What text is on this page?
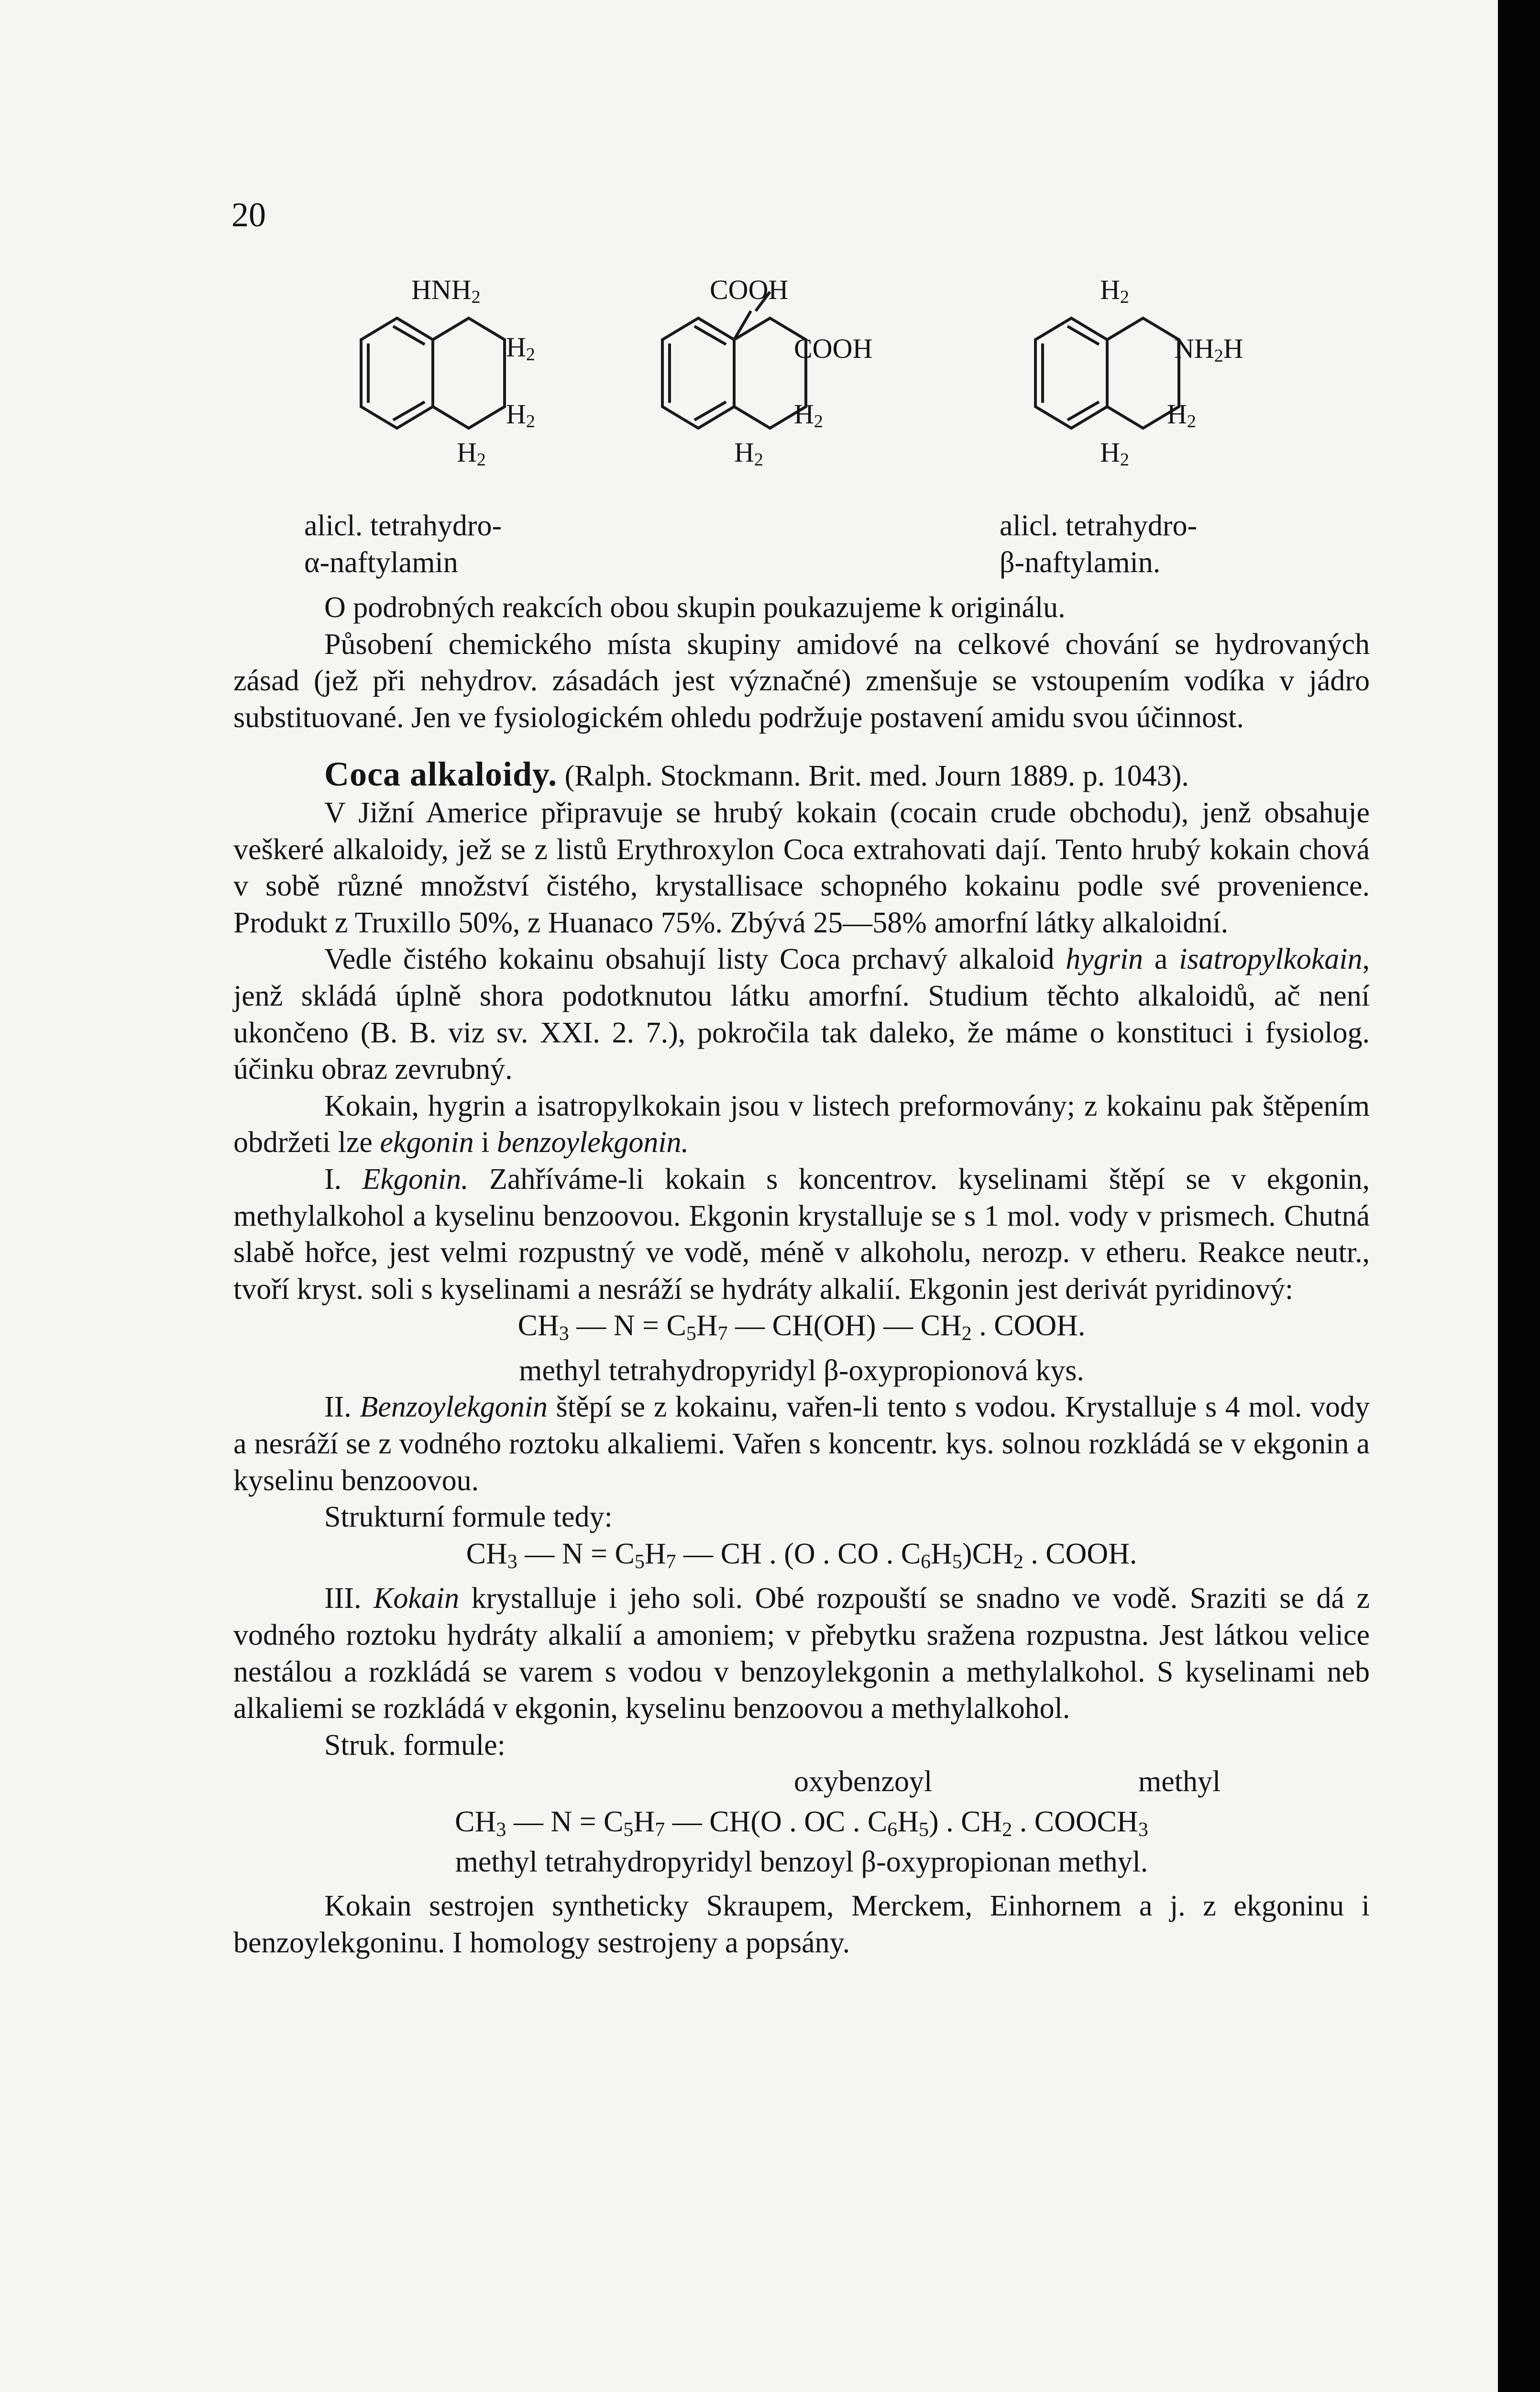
20
$HNH_2$
$H_2$
$H_2$
$H_2$
COOH
COOH
$H_2$
$H_2$
$H_2$
$NH_2H$
$H_2$
$H_2$
alicl. tetrahydro-
α-naftylamin
alicl. tetrahydro-
β-naftylamin.

O podrobných reakcích obou skupin poukazujeme k originálu.

Působení chemického místa skupiny amidové na celkové chování se hydrovaných zásad (jež při nehydrov. zásadách jest význačné) zmenšuje se vstoupením vodíka v jádro substituované. Jen ve fysiologickém ohledu podržuje postavení amidu svou účinnost.

Coca alkaloidy. (Ralph. Stockmann. Brit. med. Journ 1889. p. 1043).

V Jižní Americe připravuje se hrubý kokain (cocain crude obchodu), jenž obsahuje veškeré alkaloidy, jež se z listů Erythroxylon Coca extrahovati dají. Tento hrubý kokain chová v sobě různé množství čistého, krystallisace schopného kokainu podle své provenience. Produkt z Truxillo 50%, z Huanaco 75%. Zbývá 25—58% amorfní látky alkaloidní.

Vedle čistého kokainu obsahují listy Coca prchavý alkaloid hygrin a isatropylkokain, jenž skládá úplně shora podotknutou látku amorfní. Studium těchto alkaloidů, ač není ukončeno (B. B. viz sv. XXI. 2. 7.), pokročila tak daleko, že máme o konstituci i fysiolog. účinku obraz zevrubný.

Kokain, hygrin a isatropylkokain jsou v listech preformovány; z kokainu pak štěpením obdržeti lze ekgonin i benzoylekgonin.

I. Ekgonin. Zahříváme-li kokain s koncentrov. kyselinami štěpí se v ekgonin, methylalkohol a kyselinu benzoovou. Ekgonin krystalluje se s 1 mol. vody v prismech. Chutná slabě hořce, jest velmi rozpustný ve vodě, méně v alkoholu, nerozp. v etheru. Reakce neutr., tvoří kryst. soli s kyselinami a nesráží se hydráty alkalií. Ekgonin jest derivát pyridinový:

$CH_3$ — $N = C_5H_7$ — CH(OH) — $CH_2$ . COOH.

methyl tetrahydropyridyl β-oxypropionová kys.

II. Benzoylekgonin štěpí se z kokainu, vařen-li tento s vodou. Krystalluje s 4 mol. vody a nesráží se z vodného roztoku alkaliemi. Vařen s koncentr. kys. solnou rozkládá se v ekgonin a kyselinu benzoovou.

Strukturní formule tedy:

$CH_3$ — $N = C_5H_7$ — CH . (O . CO . $C_6H_5)CH_2$ . COOH.

III. Kokain krystalluje i jeho soli. Obé rozpouští se snadno ve vodě. Sraziti se dá z vodného roztoku hydráty alkalií a amoniem; v přebytku sražena rozpustna. Jest látkou velice nestálou a rozkládá se varem s vodou v benzoylekgonin a methylalkohol. S kyselinami neb alkaliemi se rozkládá v ekgonin, kyselinu benzoovou a methylalkohol.

Struk. formule:

oxybenzoyl	methyl
$CH_3$ — $N = C_5H_7$ — CH(O . OC . $C_6H_5$) . $CH_2$ . $COOCH_3$
methyl tetrahydropyridyl benzoyl β-oxypropionan methyl.

Kokain sestrojen syntheticky Skraupem, Merckem, Einhornem a j. z ekgoninu i benzoylekgoninu. I homology sestrojeny a popsány.
